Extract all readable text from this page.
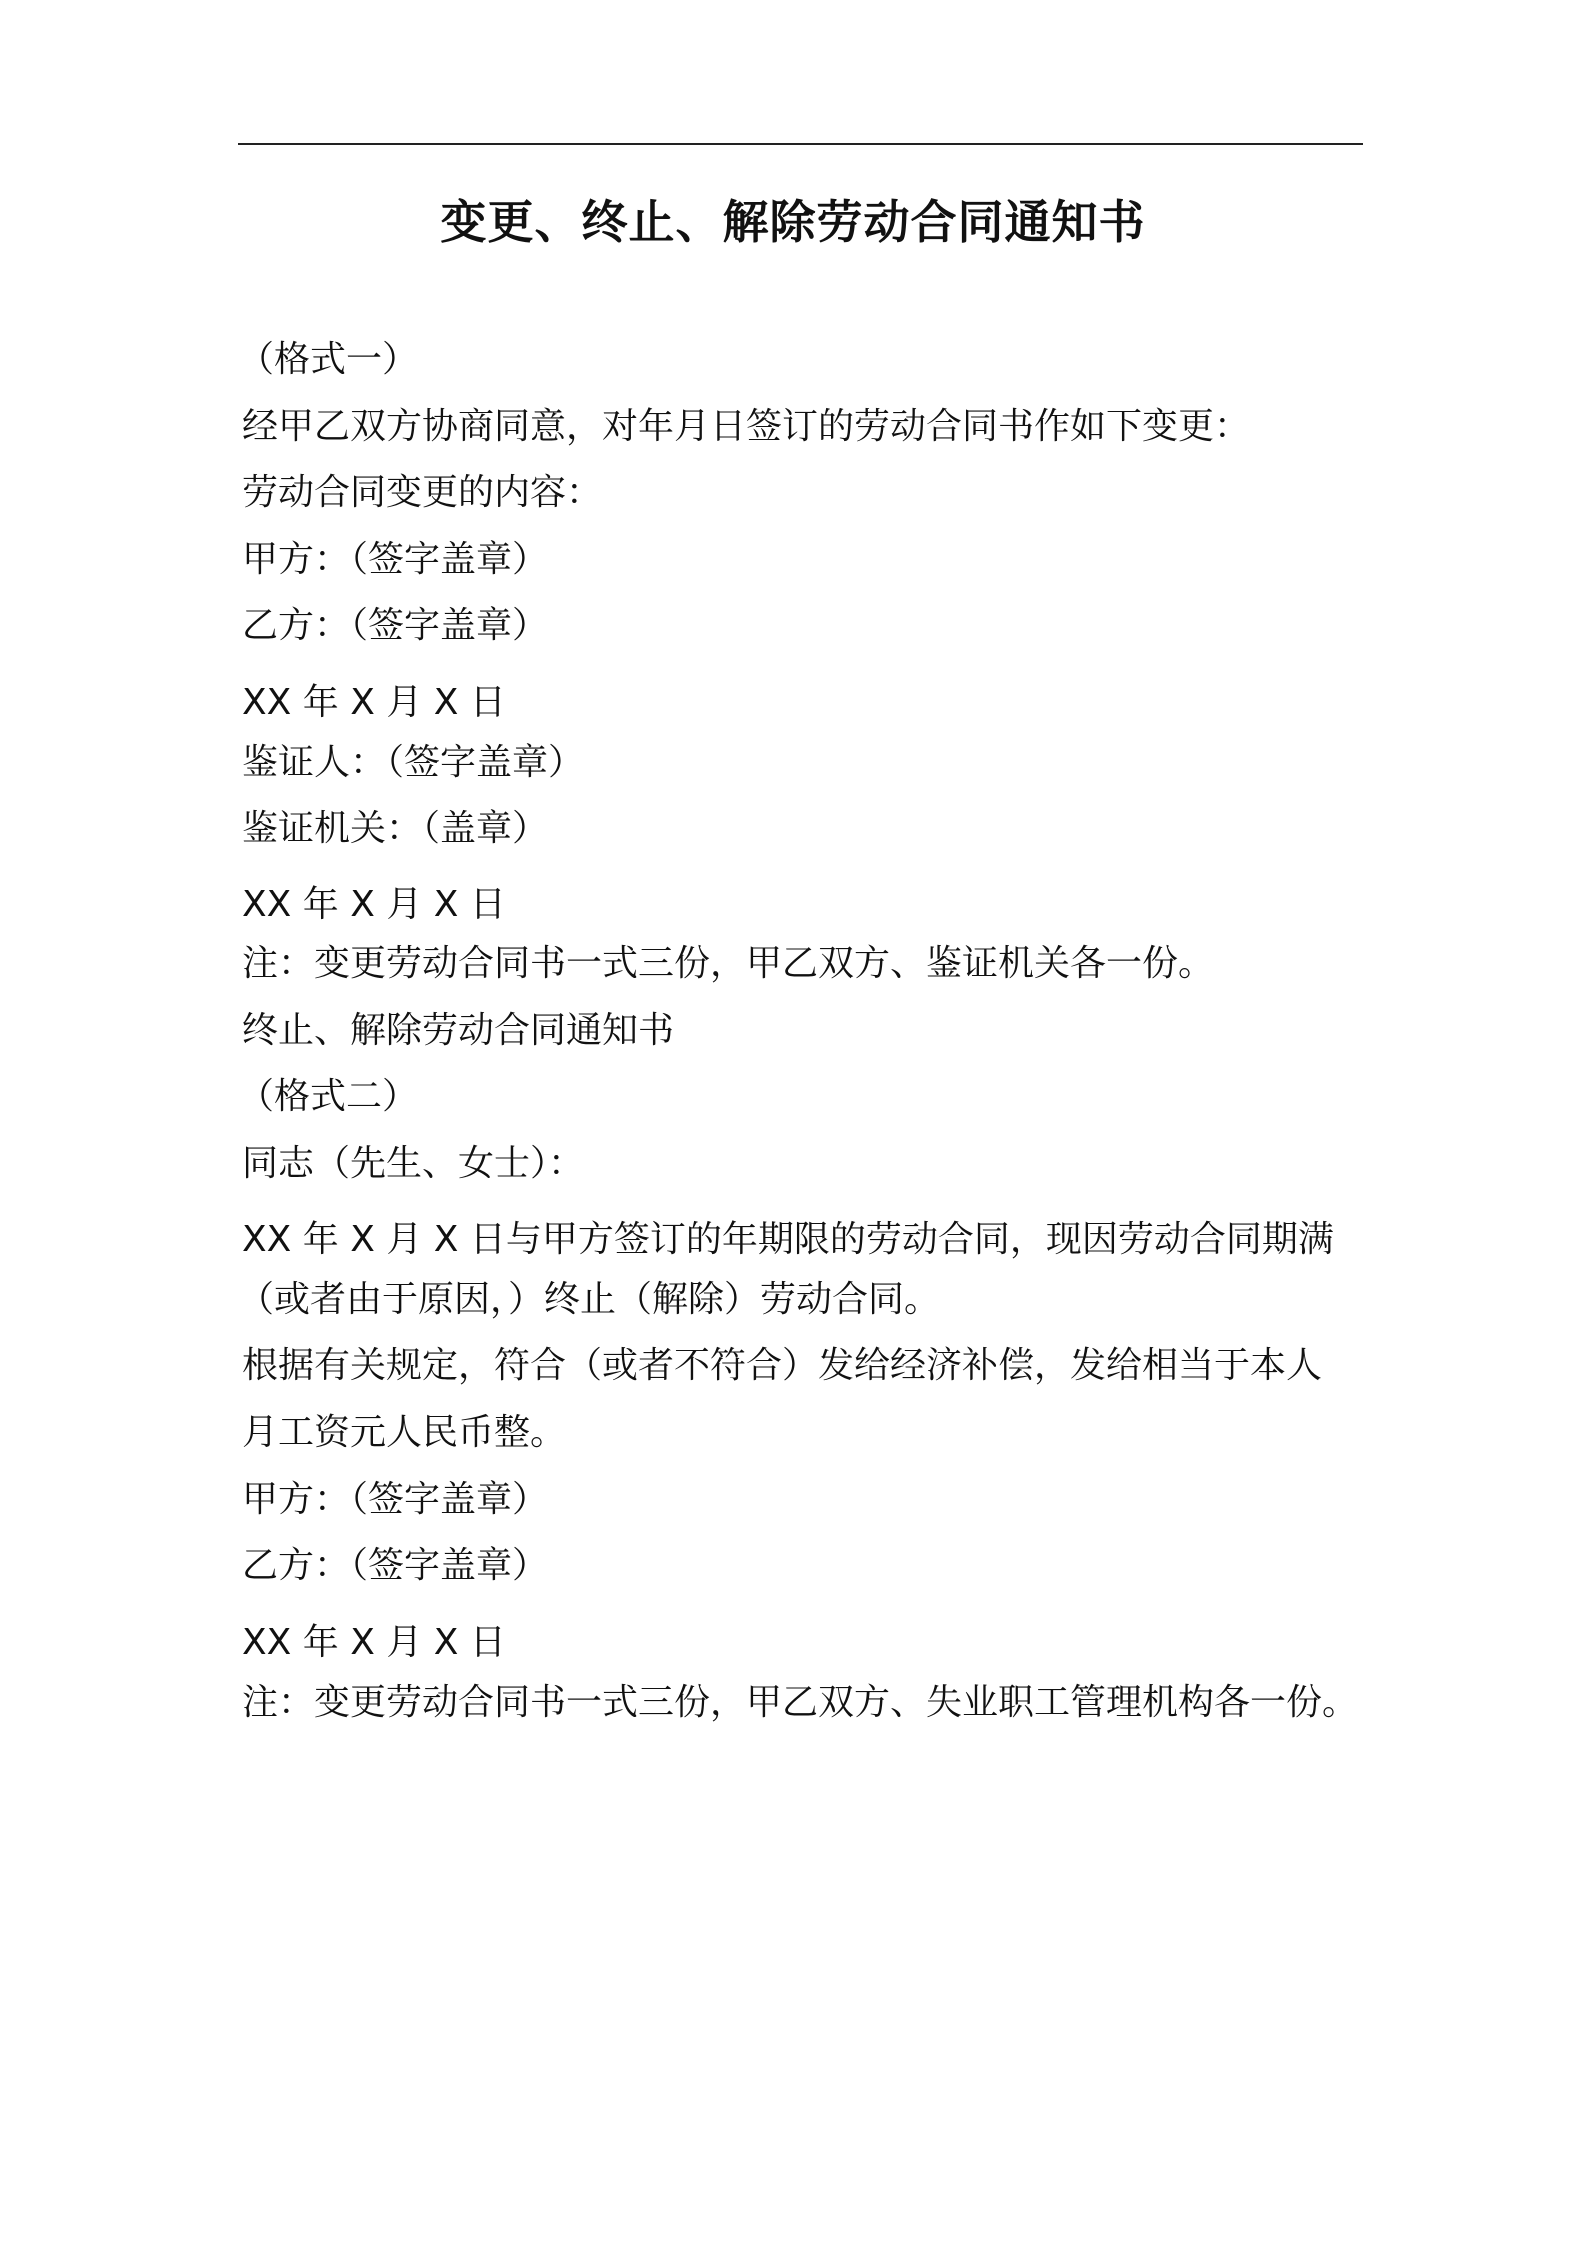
变更、终止、解除劳动合同通知书
（格式一）
经甲乙双方协商同意，对年月日签订的劳动合同书作如下变更：
劳动合同变更的内容：
甲方：（签字盖章）
乙方：（签字盖章）
XX 年 X 月 X 日
鉴证人：（签字盖章）
鉴证机关：（盖章）
XX 年 X 月 X 日
注：变更劳动合同书一式三份，甲乙双方、鉴证机关各一份。
终止、解除劳动合同通知书
（格式二）
同志（先生、女士）：
XX 年 X 月 X 日与甲方签订的年期限的劳动合同，现因劳动合同期满
（或者由于原因，）终止（解除）劳动合同。
根据有关规定，符合（或者不符合）发给经济补偿，发给相当于本人
月工资元人民币整。
甲方：（签字盖章）
乙方：（签字盖章）
XX 年 X 月 X 日
注：变更劳动合同书一式三份，甲乙双方、失业职工管理机构各一份。
